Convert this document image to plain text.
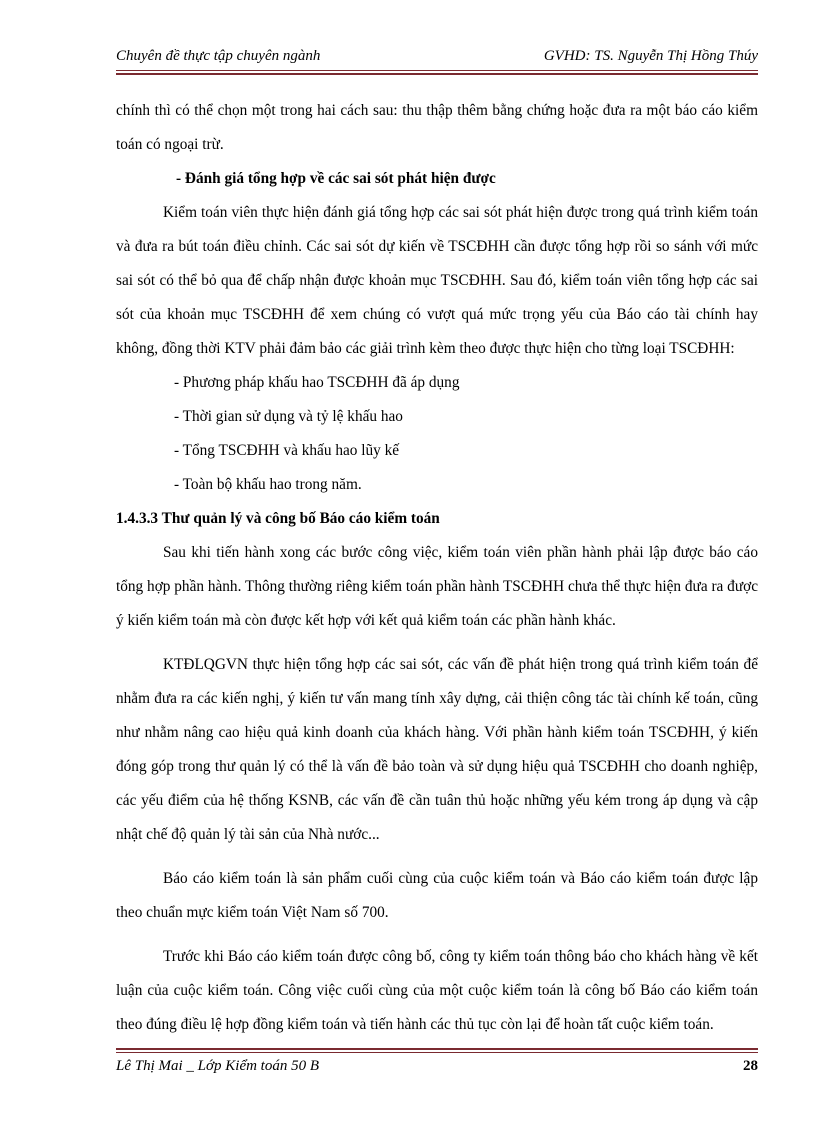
Chuyên đề thực tập chuyên ngành	GVHD: TS. Nguyễn Thị Hồng Thúy

chính thì có thể chọn một trong hai cách sau: thu thập thêm bằng chứng hoặc đưa ra một báo cáo kiểm toán có ngoại trừ.

- Đánh giá tổng hợp về các sai sót phát hiện được

Kiểm toán viên thực hiện đánh giá tổng hợp các sai sót phát hiện được trong quá trình kiểm toán và đưa ra bút toán điều chỉnh. Các sai sót dự kiến về TSCĐHH cần được tổng hợp rồi so sánh với mức sai sót có thể bỏ qua để chấp nhận được khoản mục TSCĐHH. Sau đó, kiểm toán viên tổng hợp các sai sót của khoản mục TSCĐHH để xem chúng có vượt quá mức trọng yếu của Báo cáo tài chính hay không, đồng thời KTV phải đảm bảo các giải trình kèm theo được thực hiện cho từng loại TSCĐHH:

- Phương pháp khấu hao TSCĐHH đã áp dụng

- Thời gian sử dụng và tỷ lệ khấu hao

- Tổng TSCĐHH và khấu hao lũy kế

- Toàn bộ khấu hao trong năm.

1.4.3.3 Thư quản lý và công bố Báo cáo kiểm toán

Sau khi tiến hành xong các bước công việc, kiểm toán viên phần hành phải lập được báo cáo tổng hợp phần hành. Thông thường riêng kiểm toán phần hành TSCĐHH chưa thể thực hiện đưa ra được ý kiến kiểm toán mà còn được kết hợp với kết quả kiểm toán các phần hành khác.

KTĐLQGVN thực hiện tổng hợp các sai sót, các vấn đề phát hiện trong quá trình kiểm toán để nhằm đưa ra các kiến nghị, ý kiến tư vấn mang tính xây dựng, cải thiện công tác tài chính kế toán, cũng như nhằm nâng cao hiệu quả kinh doanh của khách hàng. Với phần hành kiểm toán TSCĐHH, ý kiến đóng góp trong thư quản lý có thể là vấn đề bảo toàn và sử dụng hiệu quả TSCĐHH cho doanh nghiệp, các yếu điểm của hệ thống KSNB, các vấn đề cần tuân thủ hoặc những yếu kém trong áp dụng và cập nhật chế độ quản lý tài sản của Nhà nước...

Báo cáo kiểm toán là sản phẩm cuối cùng của cuộc kiểm toán và Báo cáo kiểm toán được lập theo chuẩn mực kiểm toán Việt Nam số 700.

Trước khi Báo cáo kiểm toán được công bố, công ty kiểm toán thông báo cho khách hàng về kết luận của cuộc kiểm toán. Công việc cuối cùng của một cuộc kiểm toán là công bố Báo cáo kiểm toán theo đúng điều lệ hợp đồng kiểm toán và tiến hành các thủ tục còn lại để hoàn tất cuộc kiểm toán.

Lê Thị Mai _ Lớp Kiểm toán 50 B	28
